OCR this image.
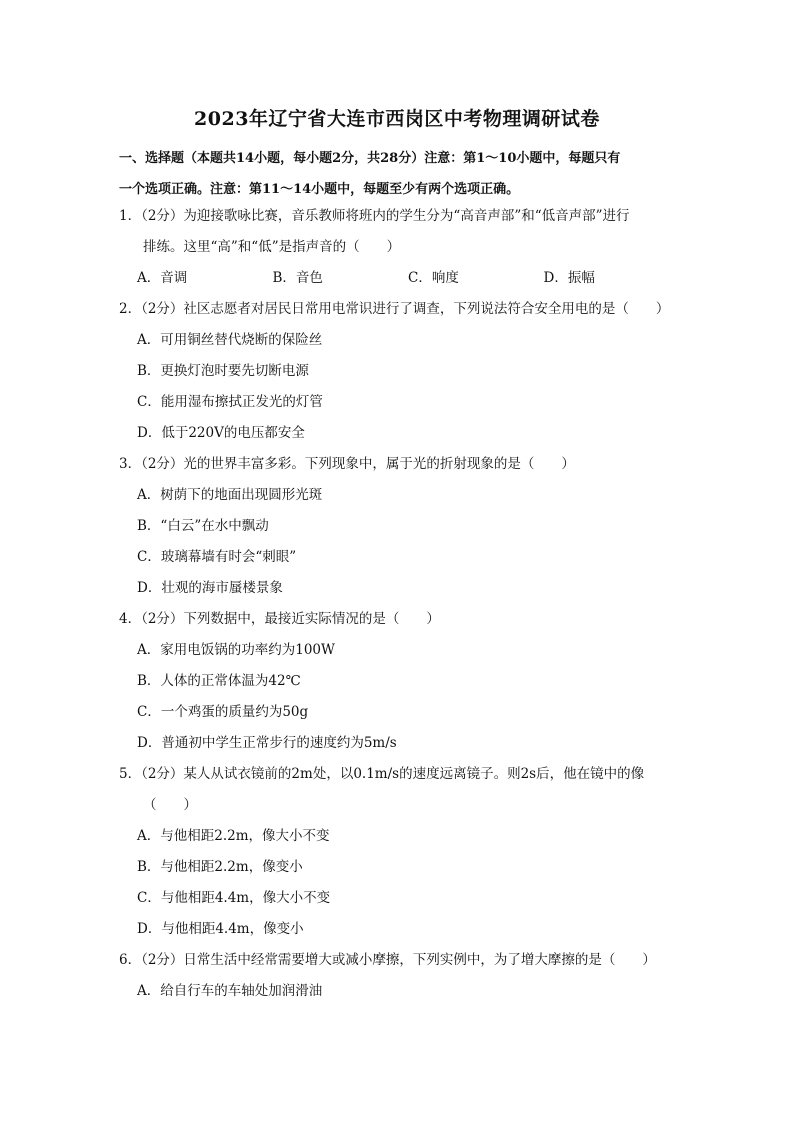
2023年辽宁省大连市西岗区中考物理调研试卷
一、选择题（本题共14小题，每小题2分，共28分）注意：第1～10小题中，每题只有
一个选项正确。注意：第11～14小题中，每题至少有两个选项正确。
1．（2分）为迎接歌咏比赛，音乐教师将班内的学生分为“高音声部”和“低音声部”进行
排练。这里“高”和“低”是指声音的（　　）
A．音调	B．音色	C．响度	D．振幅
2．（2分）社区志愿者对居民日常用电常识进行了调查，下列说法符合安全用电的是（　　）
A．可用铜丝替代烧断的保险丝
B．更换灯泡时要先切断电源
C．能用湿布擦拭正发光的灯管
D．低于220V的电压都安全
3．（2分）光的世界丰富多彩。下列现象中，属于光的折射现象的是（　　）
A．树荫下的地面出现圆形光斑
B．“白云”在水中飘动
C．玻璃幕墙有时会“刺眼”
D．壮观的海市蜃楼景象
4．（2分）下列数据中，最接近实际情况的是（　　）
A．家用电饭锅的功率约为100W
B．人体的正常体温为42℃
C．一个鸡蛋的质量约为50g
D．普通初中学生正常步行的速度约为5m/s
5．（2分）某人从试衣镜前的2m处，以0.1m/s的速度远离镜子。则2s后，他在镜中的像
（　　）
A．与他相距2.2m，像大小不变
B．与他相距2.2m，像变小
C．与他相距4.4m，像大小不变
D．与他相距4.4m，像变小
6．（2分）日常生活中经常需要增大或减小摩擦，下列实例中，为了增大摩擦的是（　　）
A．给自行车的车轴处加润滑油
